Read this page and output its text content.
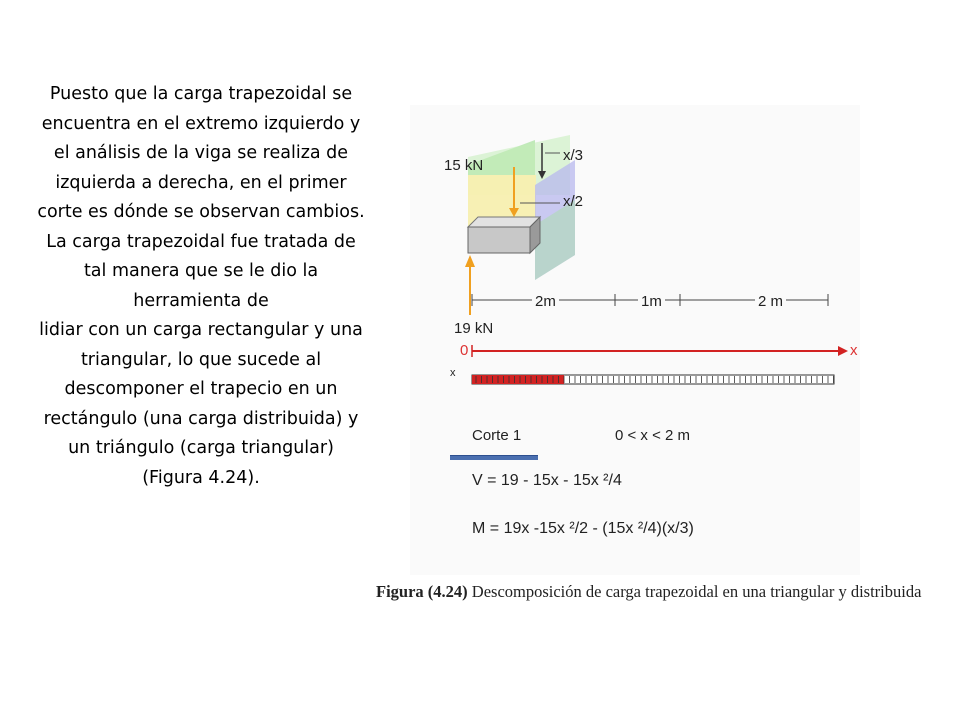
Puesto que la carga trapezoidal se encuentra en el extremo izquierdo y el análisis de la viga se realiza de izquierda a derecha, en el primer corte es dónde se observan cambios.

La carga trapezoidal fue tratada de tal manera que se le dio la herramienta de

lidiar con un carga rectangular y una triangular, lo que sucede al descomponer el trapecio en un rectángulo (una carga distribuida) y un triángulo (carga triangular) (Figura 4.24).

15 kN
x/3
x/2
2m	1m	2 m
19 kN
0	x
x
Corte 1	0 < x < 2 m
V = 19 - 15x - 15x ²/4
M = 19x -15x ²/2 - (15x ²/4)(x/3)
Figura (4.24) Descomposición de carga trapezoidal en una triangular y distribuida
